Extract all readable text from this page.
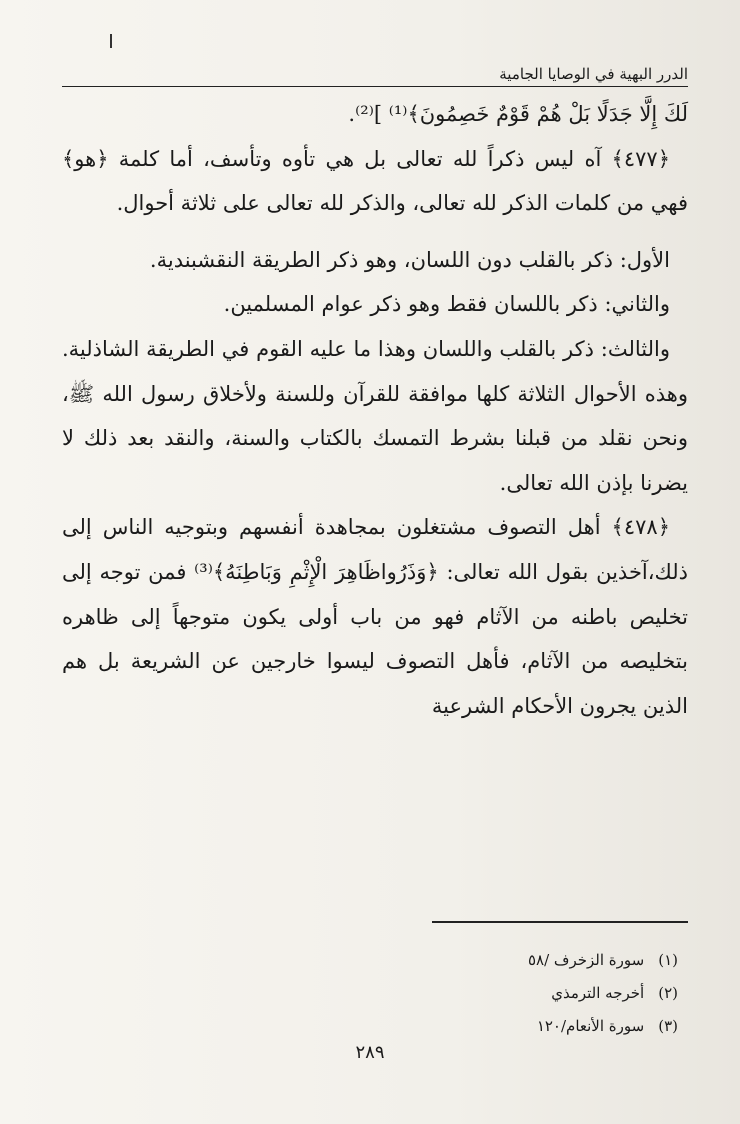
الدرر البهية في الوصايا الجامية

لَكَ إِلَّا جَدَلًا بَلْ هُمْ قَوْمٌ خَصِمُونَ﴾⁽¹⁾ ]⁽²⁾.

﴿٤٧٧﴾ آه ليس ذكراً لله تعالى بل هي تأوه وتأسف، أما كلمة ﴿هو﴾ فهي من كلمات الذكر لله تعالى، والذكر لله تعالى على ثلاثة أحوال.

الأول: ذكر بالقلب دون اللسان، وهو ذكر الطريقة النقشبندية.

والثاني: ذكر باللسان فقط وهو ذكر عوام المسلمين.

والثالث: ذكر بالقلب واللسان وهذا ما عليه القوم في الطريقة الشاذلية. وهذه الأحوال الثلاثة كلها موافقة للقرآن وللسنة ولأخلاق رسول الله ﷺ، ونحن نقلد من قبلنا بشرط التمسك بالكتاب والسنة، والنقد بعد ذلك لا يضرنا بإذن الله تعالى.

﴿٤٧٨﴾ أهل التصوف مشتغلون بمجاهدة أنفسهم وبتوجيه الناس إلى ذلك،آخذين بقول الله تعالى: ﴿وَذَرُواظَاهِرَ الْإِثْمِ وَبَاطِنَهُ﴾⁽³⁾ فمن توجه إلى تخليص باطنه من الآثام فهو من باب أولى يكون متوجهاً إلى ظاهره بتخليصه من الآثام، فأهل التصوف ليسوا خارجين عن الشريعة بل هم الذين يجرون الأحكام الشرعية

(١)سورة الزخرف /٥٨
(٢)أخرجه الترمذي
(٣)سورة الأنعام/١٢٠
٢٨٩
